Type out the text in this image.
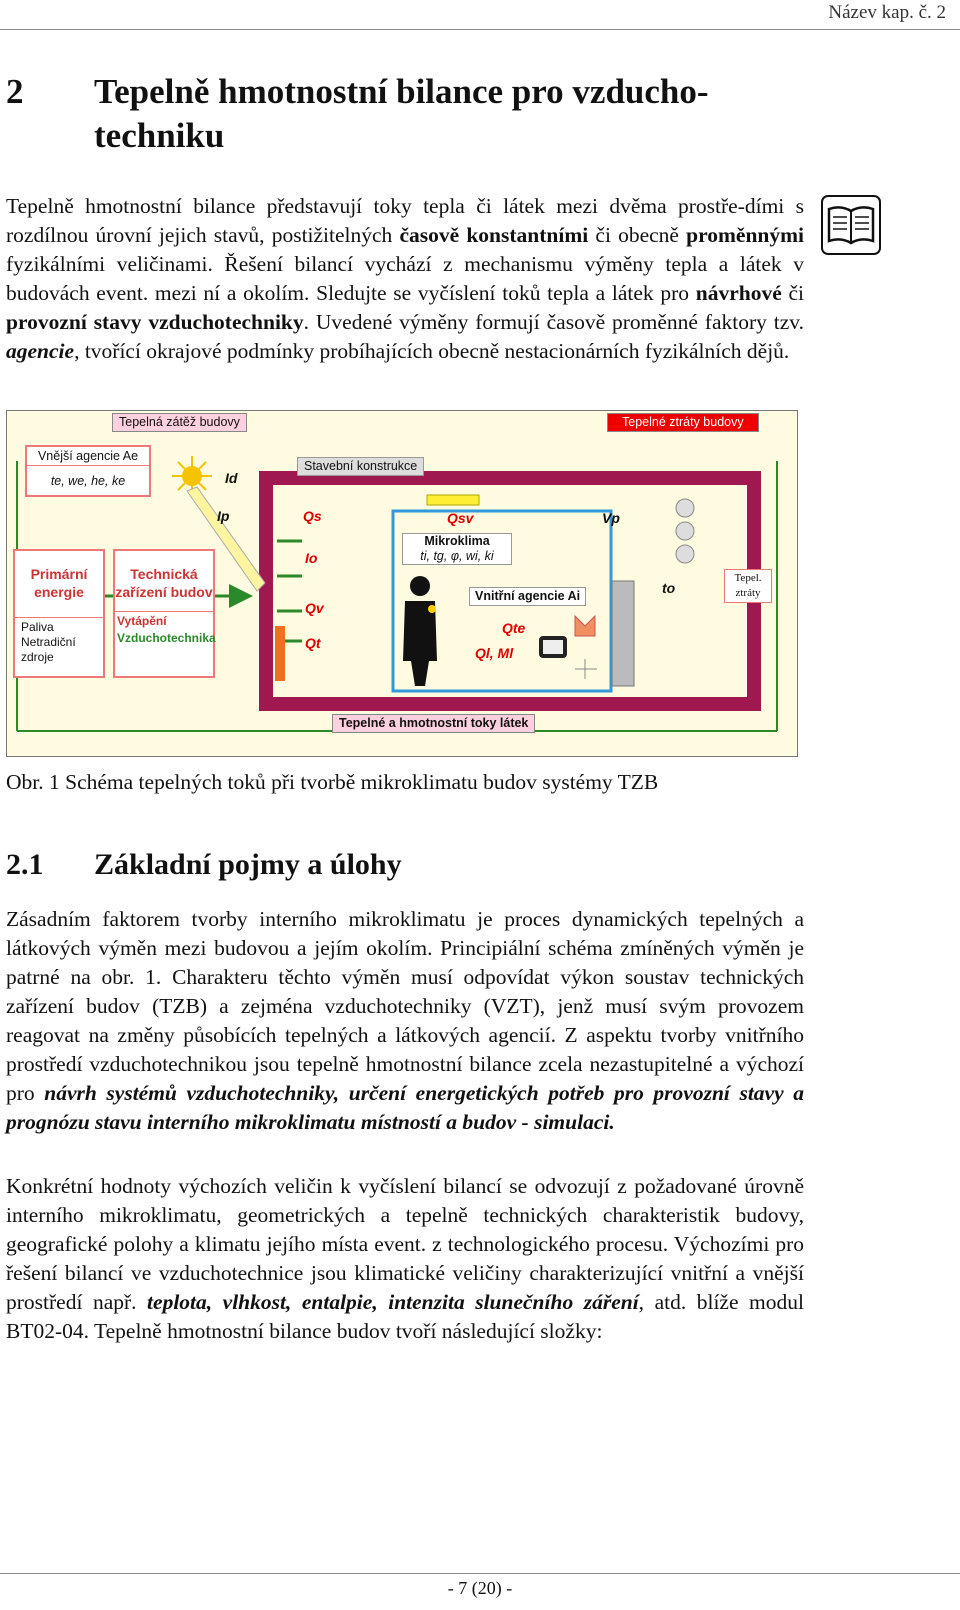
Název kap. č. 2
2 Tepelně hmotnostní bilance pro vzducho-techniku
Tepelně hmotnostní bilance představují toky tepla či látek mezi dvěma prostře-dími s rozdílnou úrovní jejich stavů, postižitelných časově konstantními či obecně proměnnými fyzikálními veličinami. Řešení bilancí vychází z mechanismu výměny tepla a látek v budovách event. mezi ní a okolím. Sledujte se vyčíslení toků tepla a látek pro návrhové či provozní stavy vzduchotechniky. Uvedené výměny formují časově proměnné faktory tzv. agencie, tvořící okrajové podmínky probíhajících obecně nestacionárních fyzikálních dějů.
Tepelná zátěž budovy	Tepelné ztráty budovy
Vnější agencie Ae
te, we, he, ke	Id
Ip
Stavební konstrukce
Qs	Qsv	Vp
Io
Qv
Qt
Mikroklima
ti, tg, φ, wi, ki
Vnitřní agencie Ai
Qte
Ql, Ml
to
Tepel. ztráty
Primární energie
Paliva Netradiční zdroje
Technická zařízení budov
Vytápění
Vzduchotechnika
Tepelné a hmotnostní toky látek
Obr. 1 Schéma tepelných toků při tvorbě mikroklimatu budov systémy TZB
2.1 Základní pojmy a úlohy
Zásadním faktorem tvorby interního mikroklimatu je proces dynamických tepelných a látkových výměn mezi budovou a jejím okolím. Principiální schéma zmíněných výměn je patrné na obr. 1. Charakteru těchto výměn musí odpovídat výkon soustav technických zařízení budov (TZB) a zejména vzduchotechniky (VZT), jenž musí svým provozem reagovat na změny působících tepelných a látkových agencií. Z aspektu tvorby vnitřního prostředí vzduchotechnikou jsou tepelně hmotnostní bilance zcela nezastupitelné a výchozí pro návrh systémů vzduchotechniky, určení energetických potřeb pro provozní stavy a prognózu stavu interního mikroklimatu místností a budov - simulaci.
Konkrétní hodnoty výchozích veličin k vyčíslení bilancí se odvozují z požadované úrovně interního mikroklimatu, geometrických a tepelně technických charakteristik budovy, geografické polohy a klimatu jejího místa event. z technologického procesu. Výchozími pro řešení bilancí ve vzduchotechnice jsou klimatické veličiny charakterizující vnitřní a vnější prostředí např. teplota, vlhkost, entalpie, intenzita slunečního záření, atd. blíže modul BT02-04. Tepelně hmotnostní bilance budov tvoří následující složky:
- 7 (20) -
